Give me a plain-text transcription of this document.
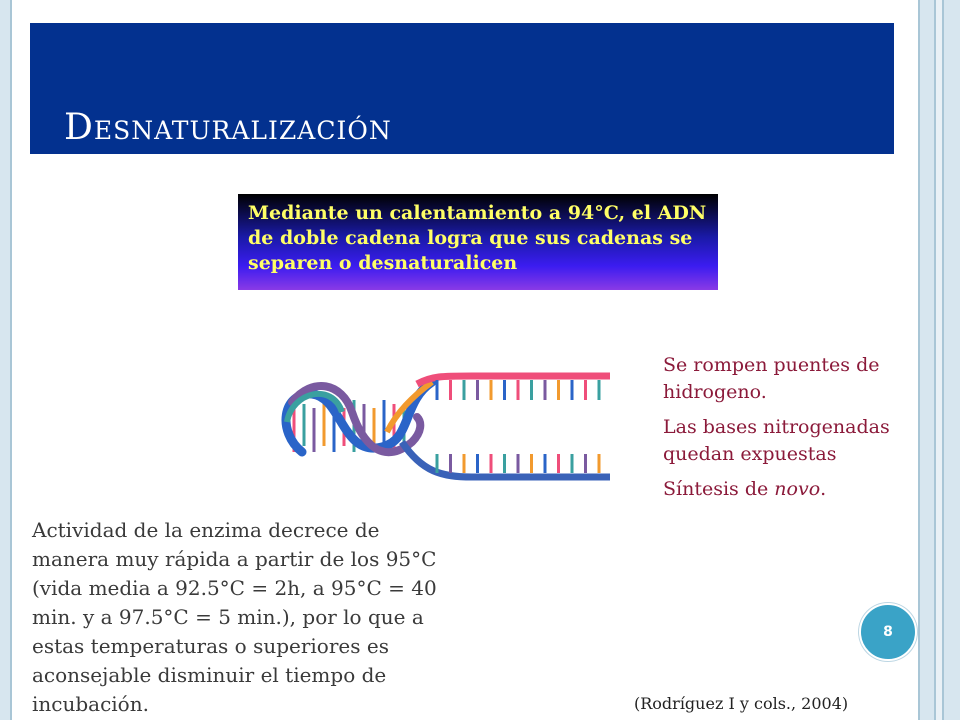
Desnaturalización
Mediante un calentamiento a 94°C, el ADN de doble cadena logra que sus cadenas se separen o desnaturalicen

Se rompen puentes de hidrogeno.

Las bases nitrogenadas quedan expuestas

Síntesis de novo.

Actividad de la enzima decrece de manera muy rápida a partir de los 95°C (vida media a 92.5°C = 2h, a 95°C = 40 min. y a 97.5°C = 5 min.), por lo que a estas temperaturas o superiores es aconsejable disminuir el tiempo de incubación.

8

(Rodríguez I y cols., 2004)
